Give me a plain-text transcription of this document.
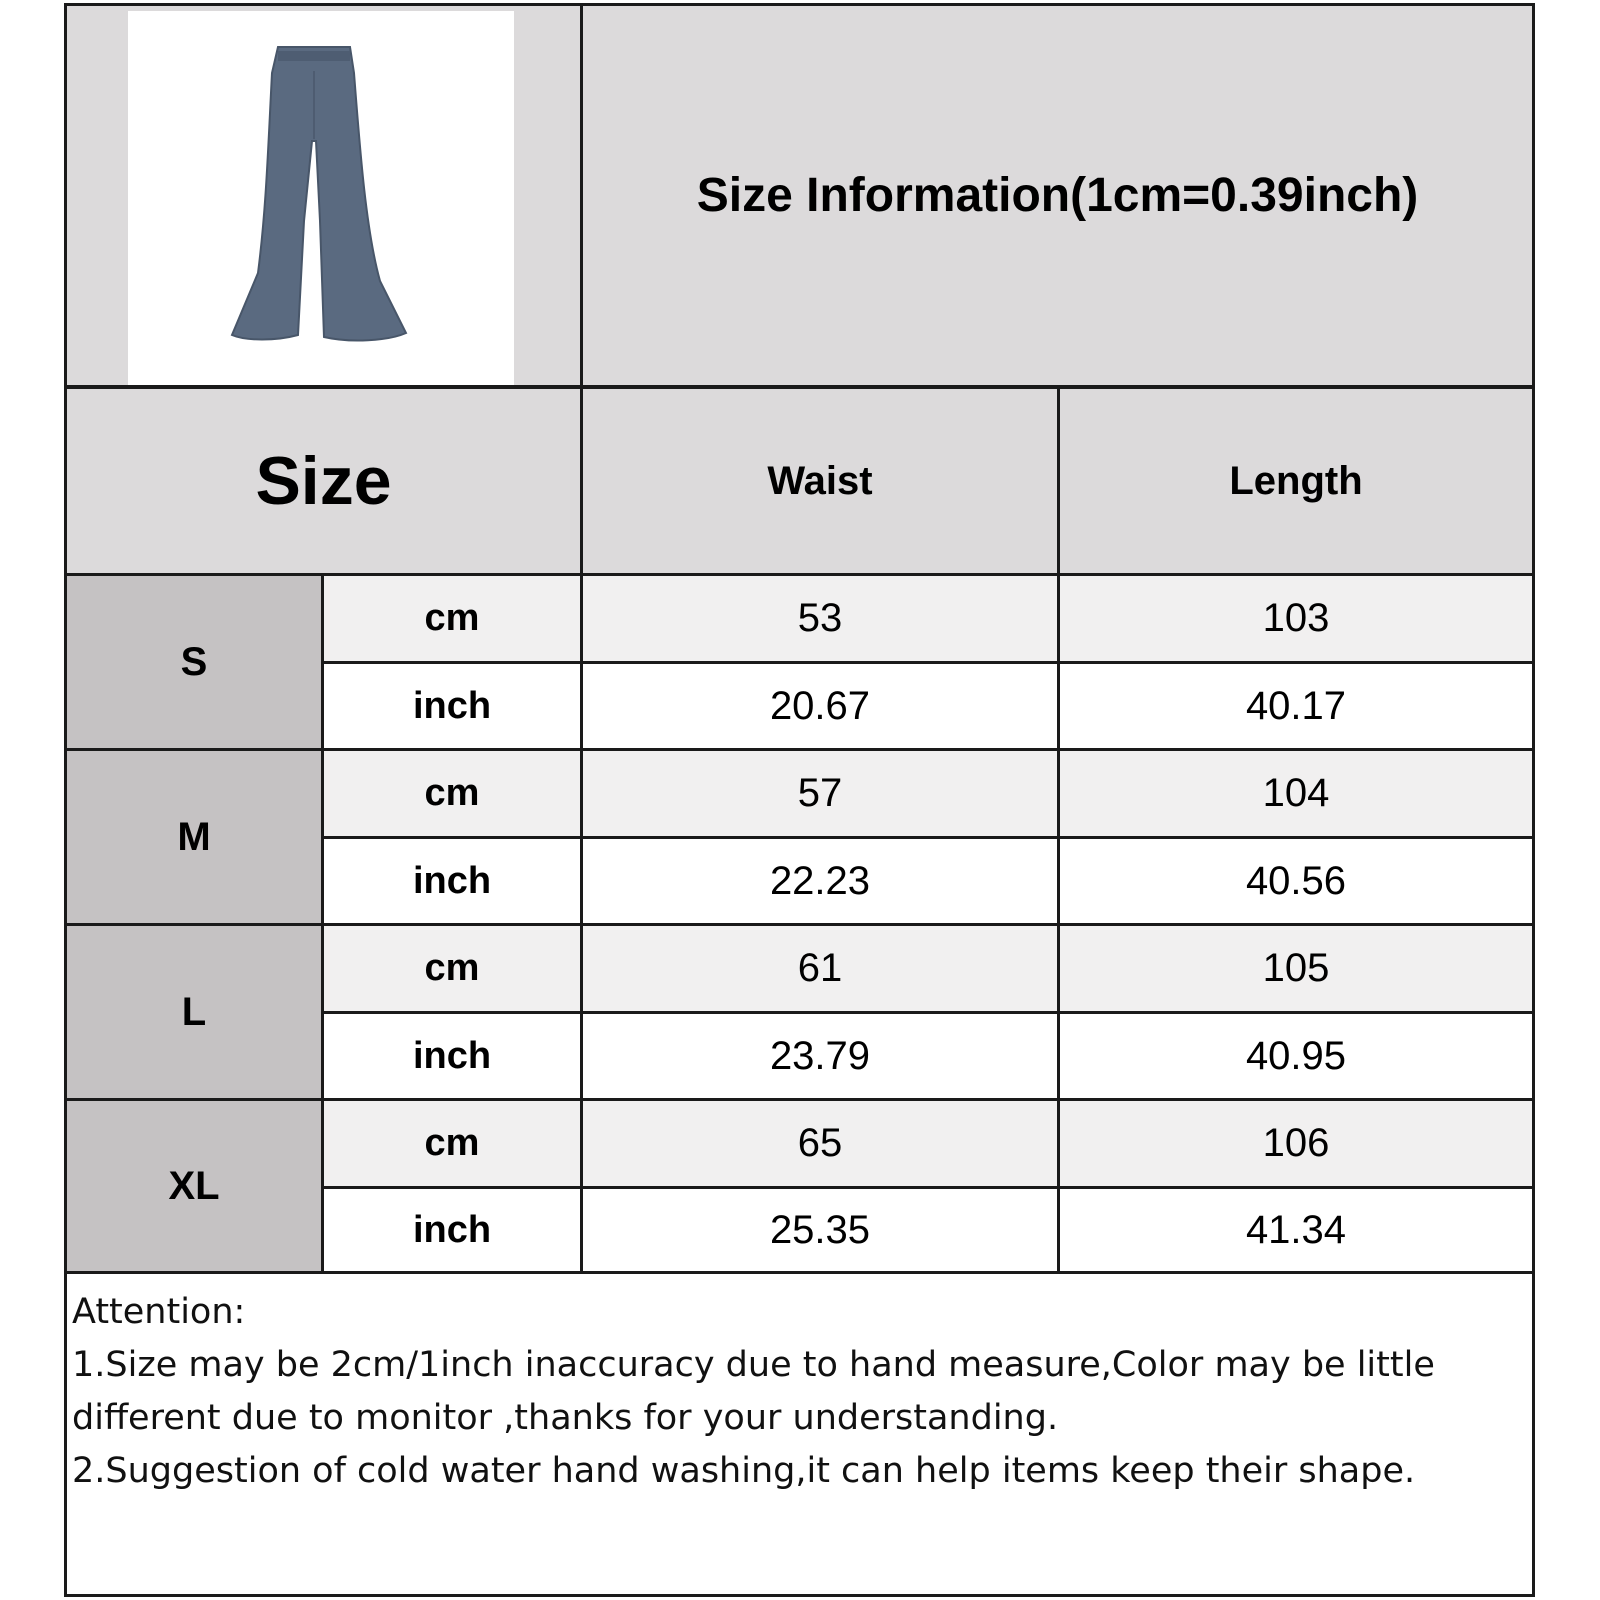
Size Information(1cm=0.39inch)
Size	Waist	Length
S
cm	53	103
inch	20.67	40.17
M
cm	57	104
inch	22.23	40.56
L
cm	61	105
inch	23.79	40.95
XL
cm	65	106
inch	25.35	41.34
Attention:
1.Size may be 2cm/1inch inaccuracy due to hand measure,Color may be little
different due to monitor ,thanks for your understanding.
2.Suggestion of cold water hand washing,it can help items keep their shape.
